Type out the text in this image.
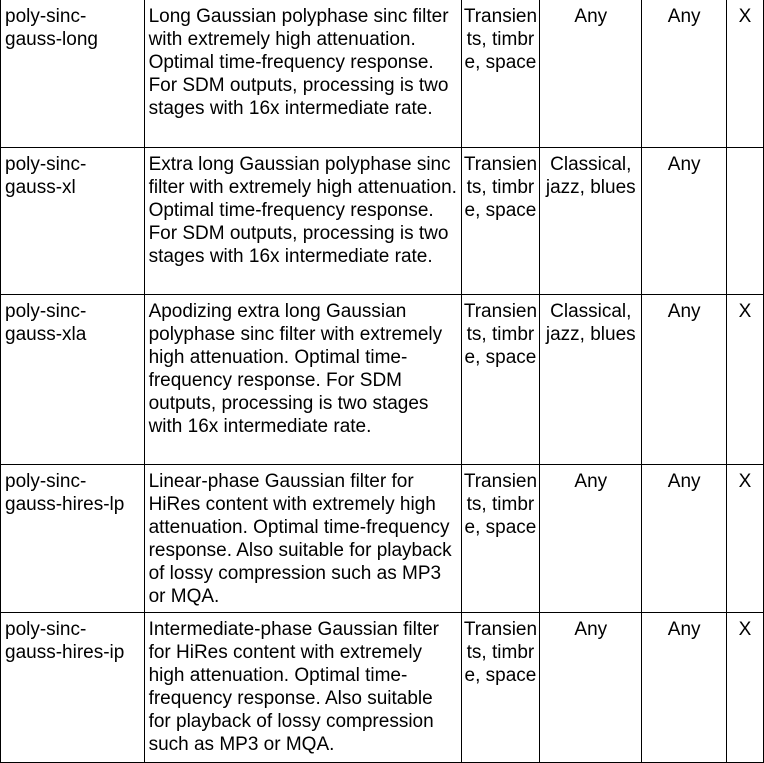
poly-sinc-gauss-long	Long Gaussian polyphase sinc filter with extremely high attenuation. Optimal time-frequency response. For SDM outputs, processing is two stages with 16x intermediate rate.	Transients, timbre, space	Any	Any	X
poly-sinc-gauss-xl	Extra long Gaussian polyphase sinc filter with extremely high attenuation. Optimal time-frequency response. For SDM outputs, processing is two stages with 16x intermediate rate.	Transients, timbre, space	Classical, jazz, blues	Any	
poly-sinc-gauss-xla	Apodizing extra long Gaussian polyphase sinc filter with extremely high attenuation. Optimal time-frequency response. For SDM outputs, processing is two stages with 16x intermediate rate.	Transients, timbre, space	Classical, jazz, blues	Any	X
poly-sinc-gauss-hires-lp	Linear-phase Gaussian filter for HiRes content with extremely high attenuation. Optimal time-frequency response. Also suitable for playback of lossy compression such as MP3 or MQA.	Transients, timbre, space	Any	Any	X
poly-sinc-gauss-hires-ip	Intermediate-phase Gaussian filter for HiRes content with extremely high attenuation. Optimal time-frequency response. Also suitable for playback of lossy compression such as MP3 or MQA.	Transients, timbre, space	Any	Any	X
